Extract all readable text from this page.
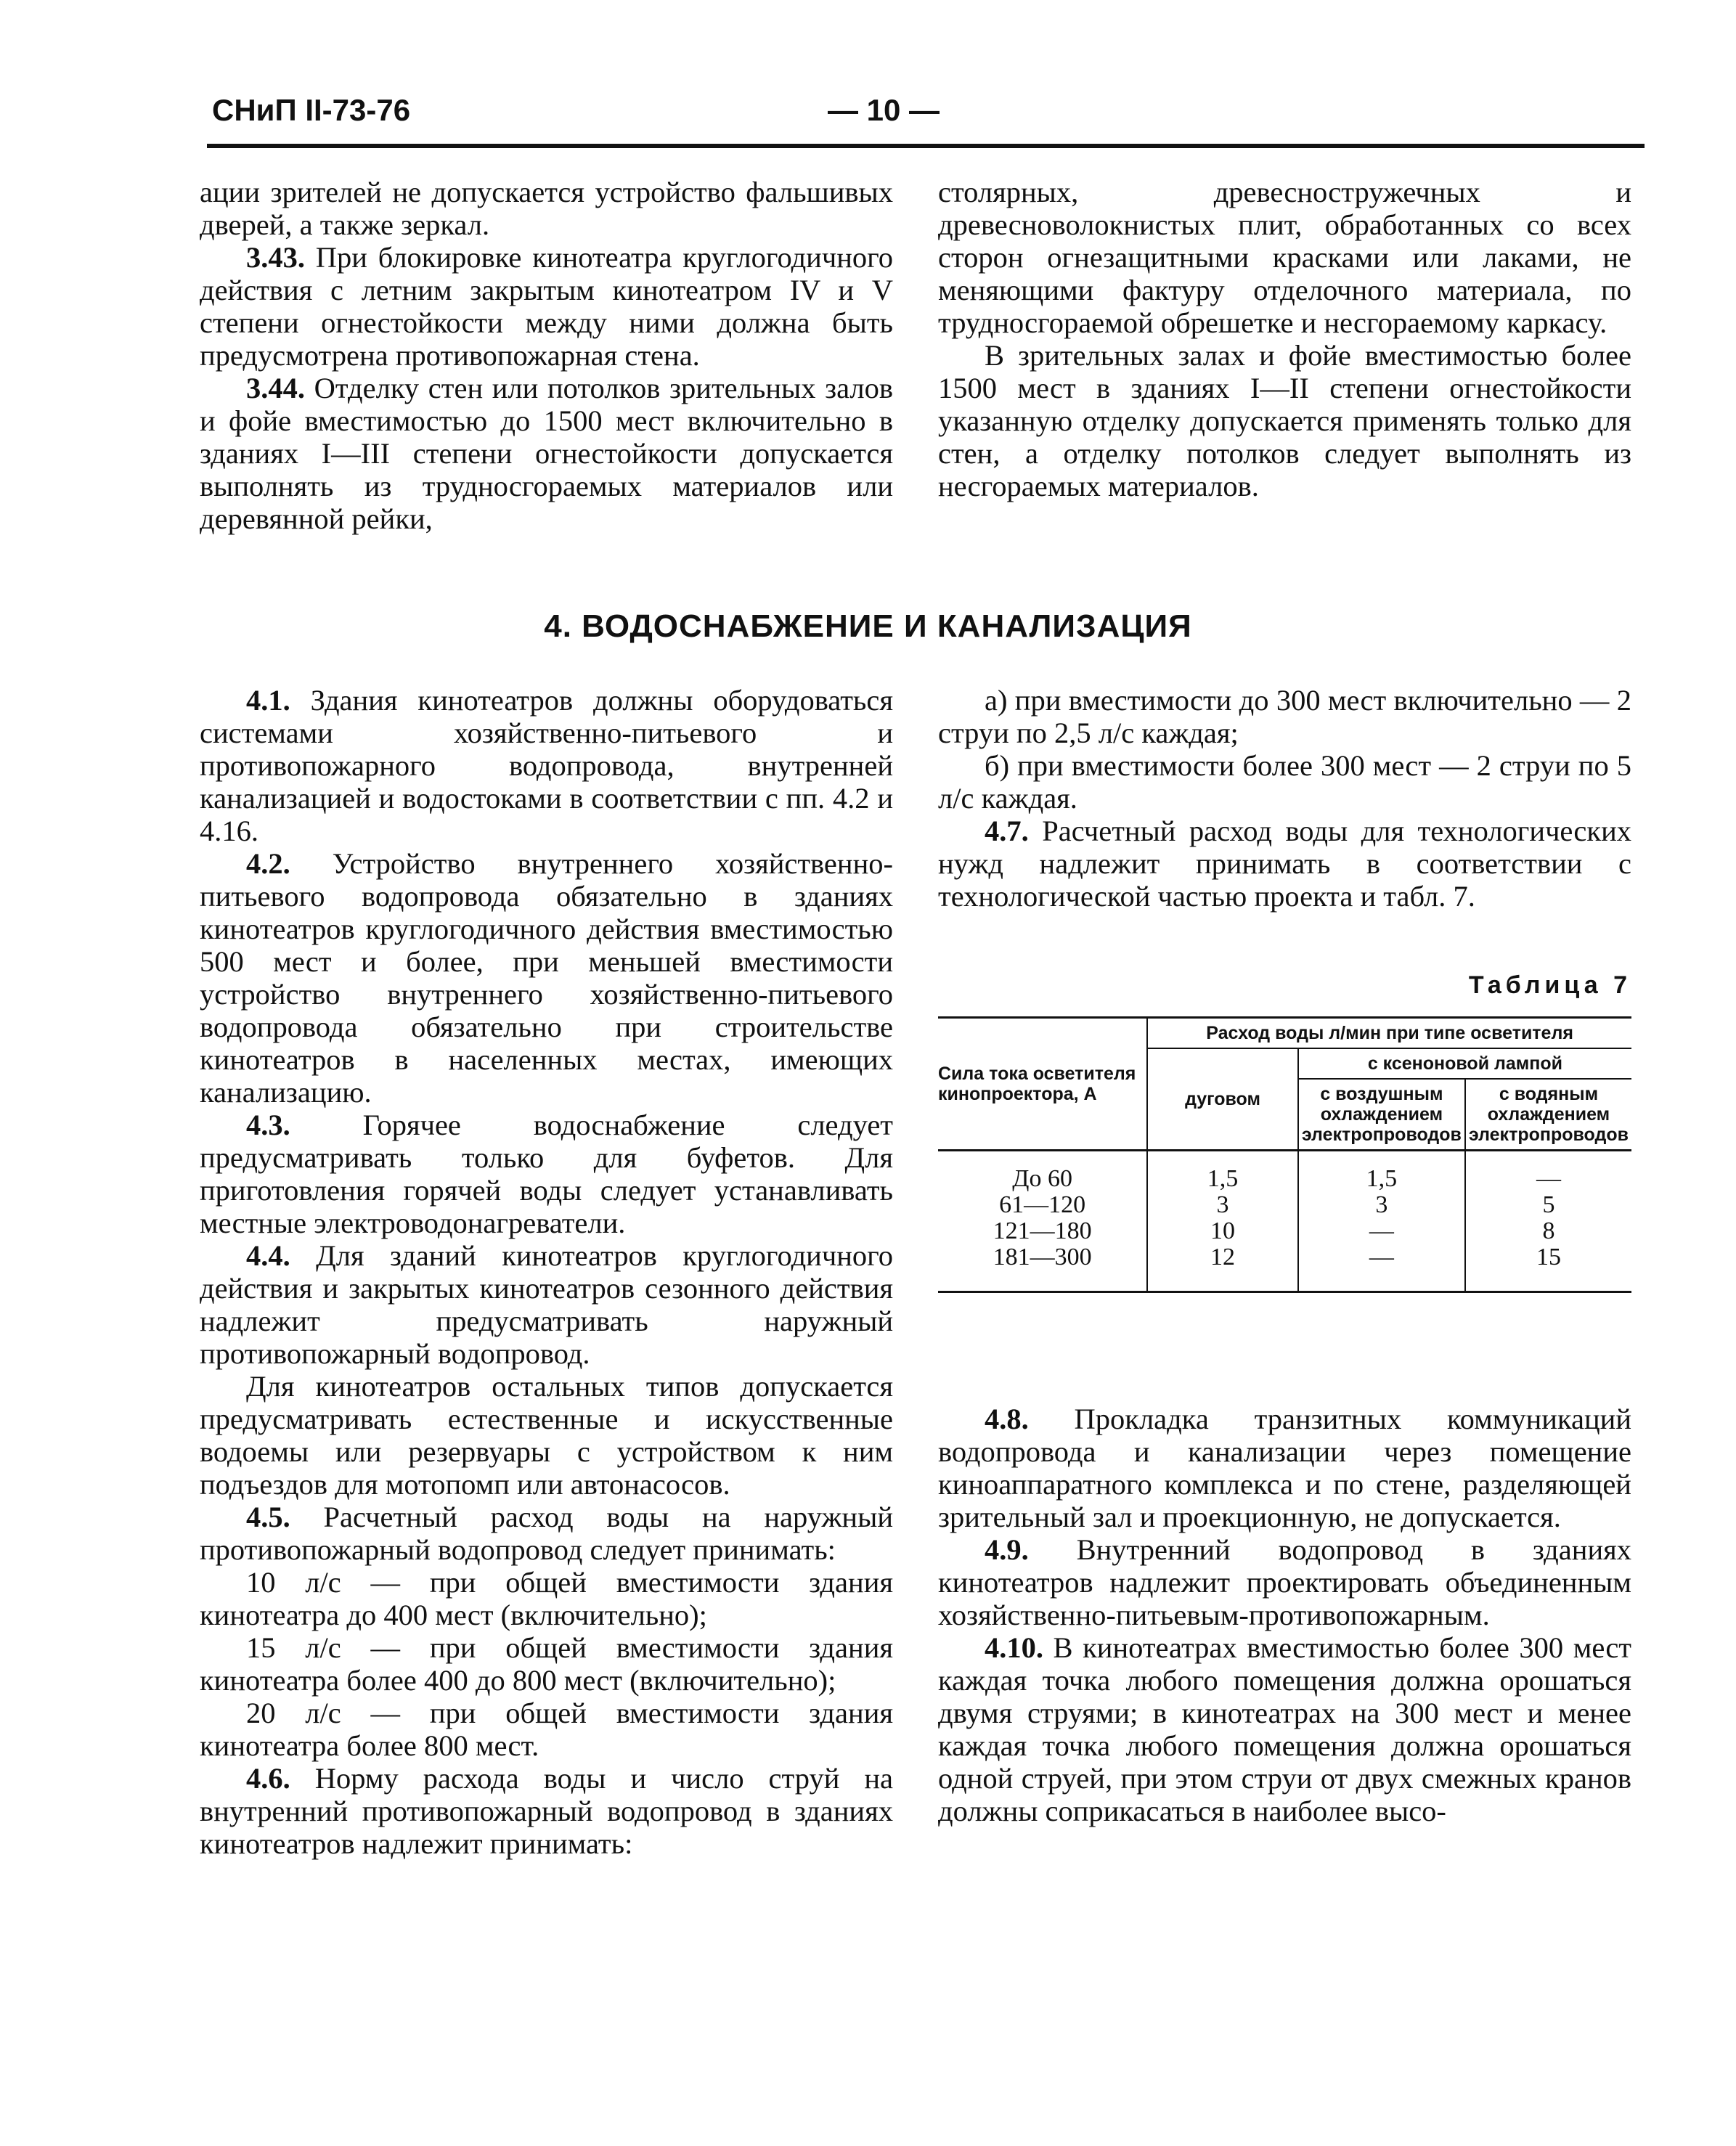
СНиП II-73-76	— 10 —

ации зрителей не допускается устройство фальшивых дверей, а также зеркал.

3.43. При блокировке кинотеатра круглогодичного действия с летним закрытым кинотеатром IV и V степени огнестойкости между ними должна быть предусмотрена противопожарная стена.

3.44. Отделку стен или потолков зрительных залов и фойе вместимостью до 1500 мест включительно в зданиях I—III степени огнестойкости допускается выполнять из трудносгораемых материалов или деревянной рейки,

столярных, древесностружечных и древесноволокнистых плит, обработанных со всех сторон огнезащитными красками или лаками, не меняющими фактуру отделочного материала, по трудносгораемой обрешетке и несгораемому каркасу.

В зрительных залах и фойе вместимостью более 1500 мест в зданиях I—II степени огнестойкости указанную отделку допускается применять только для стен, а отделку потолков следует выполнять из несгораемых материалов.

4. ВОДОСНАБЖЕНИЕ И КАНАЛИЗАЦИЯ

4.1. Здания кинотеатров должны оборудоваться системами хозяйственно-питьевого и противопожарного водопровода, внутренней канализацией и водостоками в соответствии с пп. 4.2 и 4.16.

4.2. Устройство внутреннего хозяйственно-питьевого водопровода обязательно в зданиях кинотеатров круглогодичного действия вместимостью 500 мест и более, при меньшей вместимости устройство внутреннего хозяйственно-питьевого водопровода обязательно при строительстве кинотеатров в населенных местах, имеющих канализацию.

4.3. Горячее водоснабжение следует предусматривать только для буфетов. Для приготовления горячей воды следует устанавливать местные электроводонагреватели.

4.4. Для зданий кинотеатров круглогодичного действия и закрытых кинотеатров сезонного действия надлежит предусматривать наружный противопожарный водопровод.

Для кинотеатров остальных типов допускается предусматривать естественные и искусственные водоемы или резервуары с устройством к ним подъездов для мотопомп или автонасосов.

4.5. Расчетный расход воды на наружный противопожарный водопровод следует принимать:

10 л/с — при общей вместимости здания кинотеатра до 400 мест (включительно);

15 л/с — при общей вместимости здания кинотеатра более 400 до 800 мест (включительно);

20 л/с — при общей вместимости здания кинотеатра более 800 мест.

4.6. Норму расхода воды и число струй на внутренний противопожарный водопровод в зданиях кинотеатров надлежит принимать:

а) при вместимости до 300 мест включительно — 2 струи по 2,5 л/с каждая;

б) при вместимости более 300 мест — 2 струи по 5 л/с каждая.

4.7. Расчетный расход воды для технологических нужд надлежит принимать в соответствии с технологической частью проекта и табл. 7.

Таблица 7
Сила тока осветителя кинопроектора, А	Расход воды л/мин при типе осветителя		
	дуговом	с ксеноновой лампой	
		с воздушным охлаждением электропроводов	с водяным охлаждением электропроводов
До 60	1,5	1,5	—
61—120	3	3	5
121—180	10	—	8
181—300	12	—	15

4.8. Прокладка транзитных коммуникаций водопровода и канализации через помещение киноаппаратного комплекса и по стене, разделяющей зрительный зал и проекционную, не допускается.

4.9. Внутренний водопровод в зданиях кинотеатров надлежит проектировать объединенным хозяйственно-питьевым-противопожарным.

4.10. В кинотеатрах вместимостью более 300 мест каждая точка любого помещения должна орошаться двумя струями; в кинотеатрах на 300 мест и менее каждая точка любого помещения должна орошаться одной струей, при этом струи от двух смежных кранов должны соприкасаться в наиболее высо-
